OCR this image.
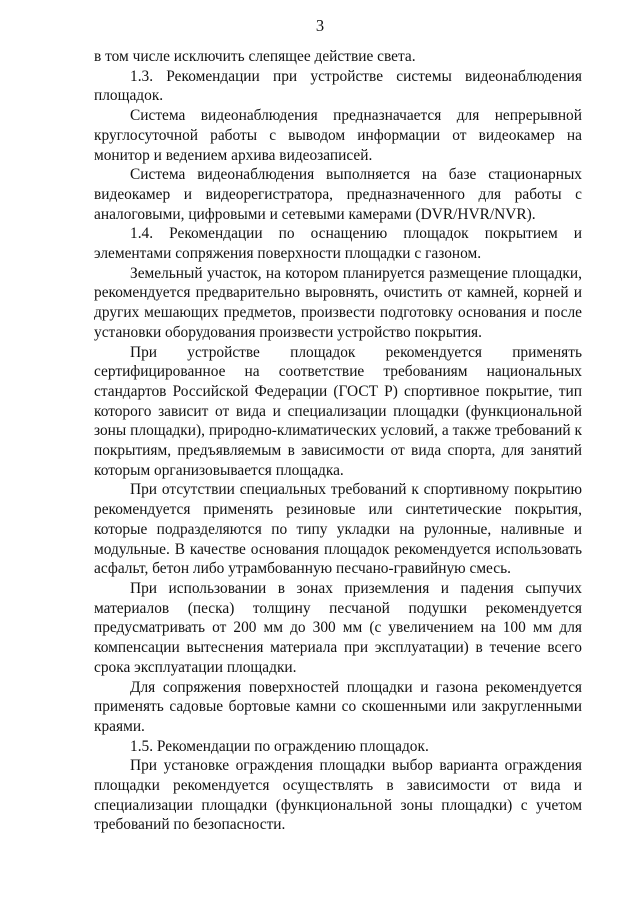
3

в том числе исключить слепящее действие света.

1.3. Рекомендации при устройстве системы видеонаблюдения площадок.

Система видеонаблюдения предназначается для непрерывной круглосуточной работы с выводом информации от видеокамер на монитор и ведением архива видеозаписей.

Система видеонаблюдения выполняется на базе стационарных видеокамер и видеорегистратора, предназначенного для работы с аналоговыми, цифровыми и сетевыми камерами (DVR/HVR/NVR).

1.4. Рекомендации по оснащению площадок покрытием и элементами сопряжения поверхности площадки с газоном.

Земельный участок, на котором планируется размещение площадки, рекомендуется предварительно выровнять, очистить от камней, корней и других мешающих предметов, произвести подготовку основания и после установки оборудования произвести устройство покрытия.

При устройстве площадок рекомендуется применять сертифицированное на соответствие требованиям национальных стандартов Российской Федерации (ГОСТ Р) спортивное покрытие, тип которого зависит от вида и специализации площадки (функциональной зоны площадки), природно-климатических условий, а также требований к покрытиям, предъявляемым в зависимости от вида спорта, для занятий которым организовывается площадка.

При отсутствии специальных требований к спортивному покрытию рекомендуется применять резиновые или синтетические покрытия, которые подразделяются по типу укладки на рулонные, наливные и модульные. В качестве основания площадок рекомендуется использовать асфальт, бетон либо утрамбованную песчано-гравийную смесь.

При использовании в зонах приземления и падения сыпучих материалов (песка) толщину песчаной подушки рекомендуется предусматривать от 200 мм до 300 мм (с увеличением на 100 мм для компенсации вытеснения материала при эксплуатации) в течение всего срока эксплуатации площадки.

Для сопряжения поверхностей площадки и газона рекомендуется применять садовые бортовые камни со скошенными или закругленными краями.

1.5. Рекомендации по ограждению площадок.

При установке ограждения площадки выбор варианта ограждения площадки рекомендуется осуществлять в зависимости от вида и специализации площадки (функциональной зоны площадки) с учетом требований по безопасности.
